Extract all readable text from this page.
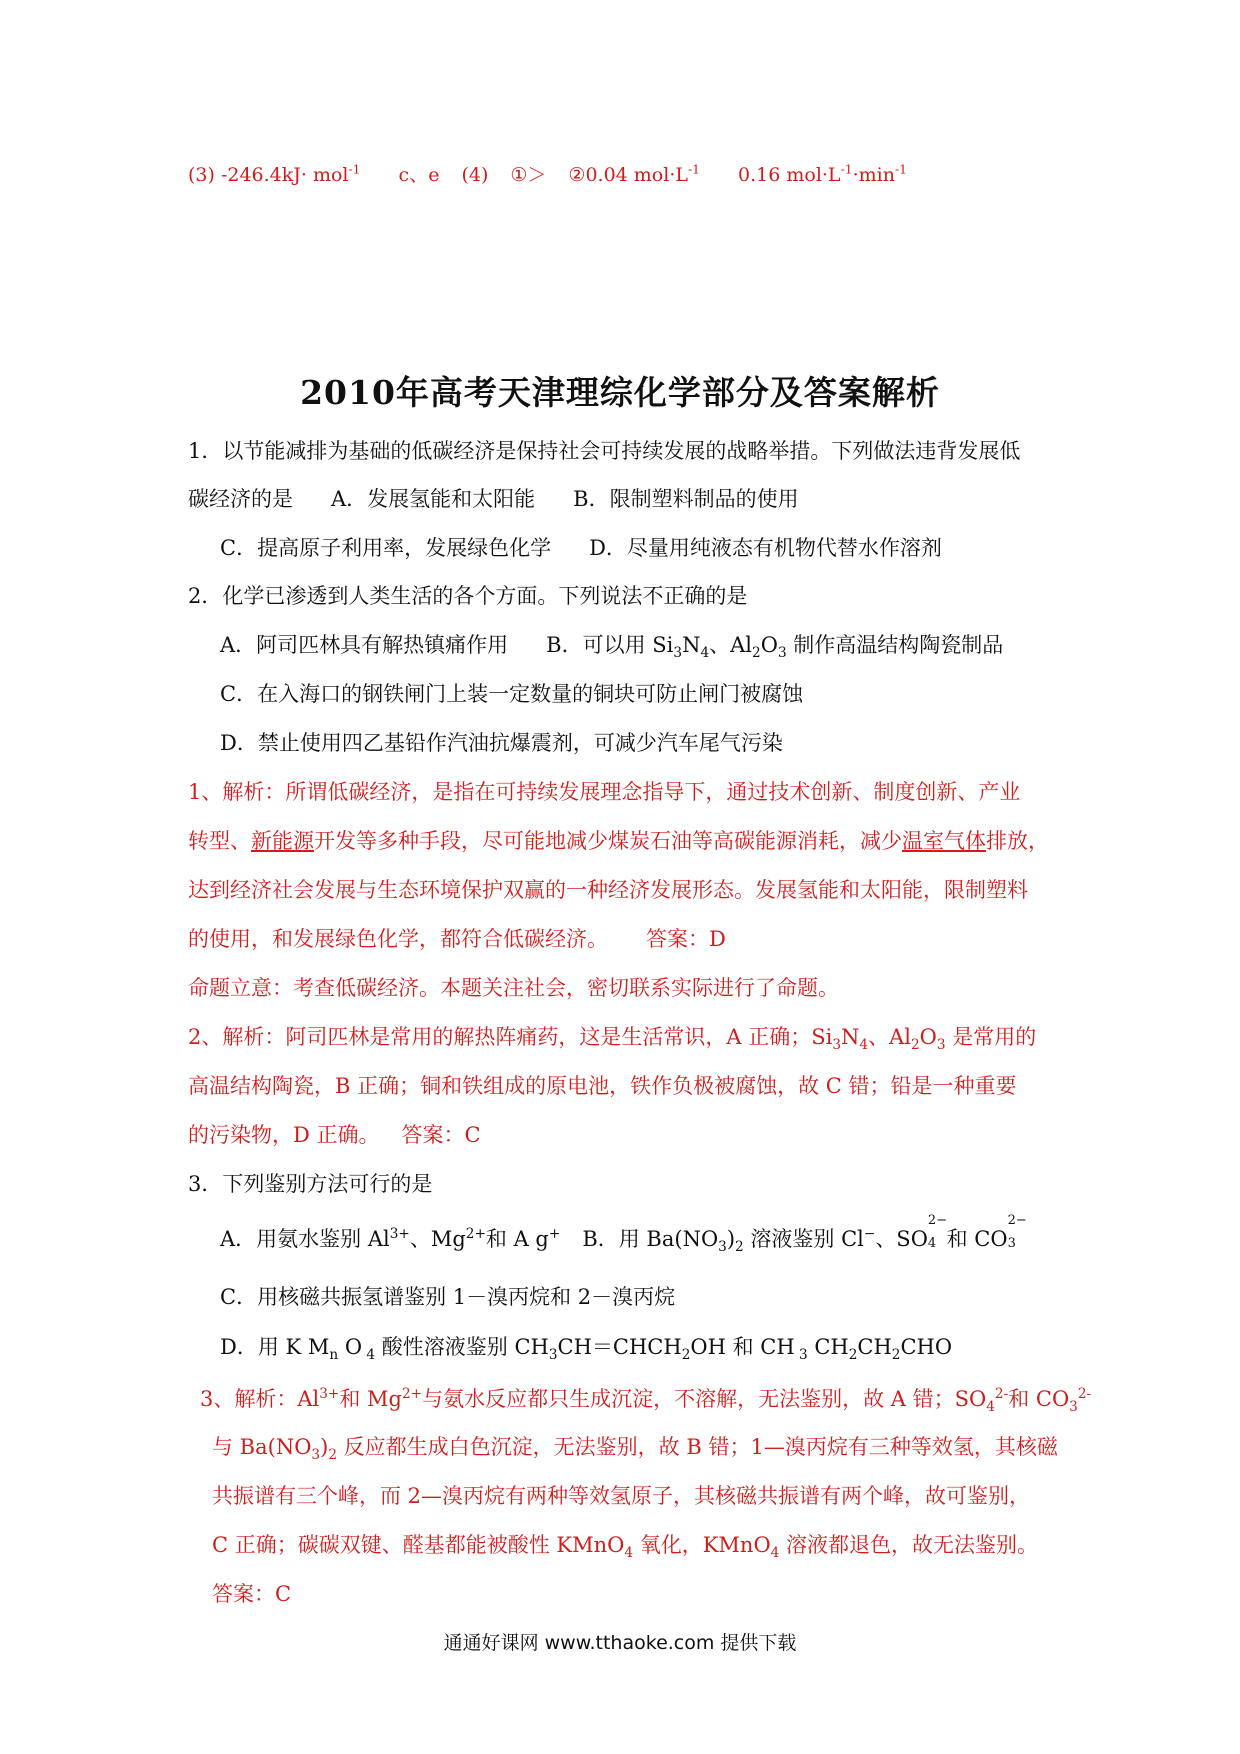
(3) -246.4kJ· mol$^{-1}$ c、e (4) ①＞ ②0.04 $mol\cdot L^{-1}$ 0.16 $mol\cdot L^{-1}\cdot\min^{-1}$
2010年高考天津理综化学部分及答案解析
1．以节能减排为基础的低碳经济是保持社会可持续发展的战略举措。下列做法违背发展低
碳经济的是 A．发展氢能和太阳能 B．限制塑料制品的使用
C．提高原子利用率，发展绿色化学 D．尽量用纯液态有机物代替水作溶剂
2．化学已渗透到人类生活的各个方面。下列说法不正确的是
A．阿司匹林具有解热镇痛作用 B．可以用 $Si_3N_4$、$Al_2O_3$ 制作高温结构陶瓷制品
C．在入海口的钢铁闸门上装一定数量的铜块可防止闸门被腐蚀
D．禁止使用四乙基铅作汽油抗爆震剂，可减少汽车尾气污染
1、解析：所谓低碳经济，是指在可持续发展理念指导下，通过技术创新、制度创新、产业
转型、新能源开发等多种手段，尽可能地减少煤炭石油等高碳能源消耗，减少温室气体排放，
达到经济社会发展与生态环境保护双赢的一种经济发展形态。发展氢能和太阳能，限制塑料
的使用，和发展绿色化学，都符合低碳经济。 答案：D
命题立意：考查低碳经济。本题关注社会，密切联系实际进行了命题。
2、解析：阿司匹林是常用的解热阵痛药，这是生活常识，A 正确；$Si_3N_4$、$Al_2O_3$ 是常用的
高温结构陶瓷，B 正确；铜和铁组成的原电池，铁作负极被腐蚀，故 C 错；铅是一种重要
的污染物，D 正确。 答案：C
3．下列鉴别方法可行的是
A．用氨水鉴别 $Al^{3+}$、$Mg^{2+}$和 A g+ B．用 $Ba(NO_3)_2$ 溶液鉴别 Cl−、SO
2−
4 和 CO
2−
3
C．用核磁共振氢谱鉴别 1－溴丙烷和 2－溴丙烷
D．用 K $M_n$ O $_4$ 酸性溶液鉴别 $CH_3CH=CHCH_2OH$ 和 CH $_3$ $CH_2CH_2CHO$
3、解析：$Al^{3+}$和 $Mg^{2+}$与氨水反应都只生成沉淀，不溶解，无法鉴别，故 A 错；$SO_4^{2-}$和 $CO_3^{2-}$
与 $Ba(NO_3)_2$ 反应都生成白色沉淀，无法鉴别，故 B 错；1—溴丙烷有三种等效氢，其核磁
共振谱有三个峰，而 2—溴丙烷有两种等效氢原子，其核磁共振谱有两个峰，故可鉴别，
C 正确；碳碳双键、醛基都能被酸性 KMnO$_4$ 氧化，KMnO$_4$ 溶液都退色，故无法鉴别。
答案：C
通通好课网 www.tthaoke.com 提供下载
